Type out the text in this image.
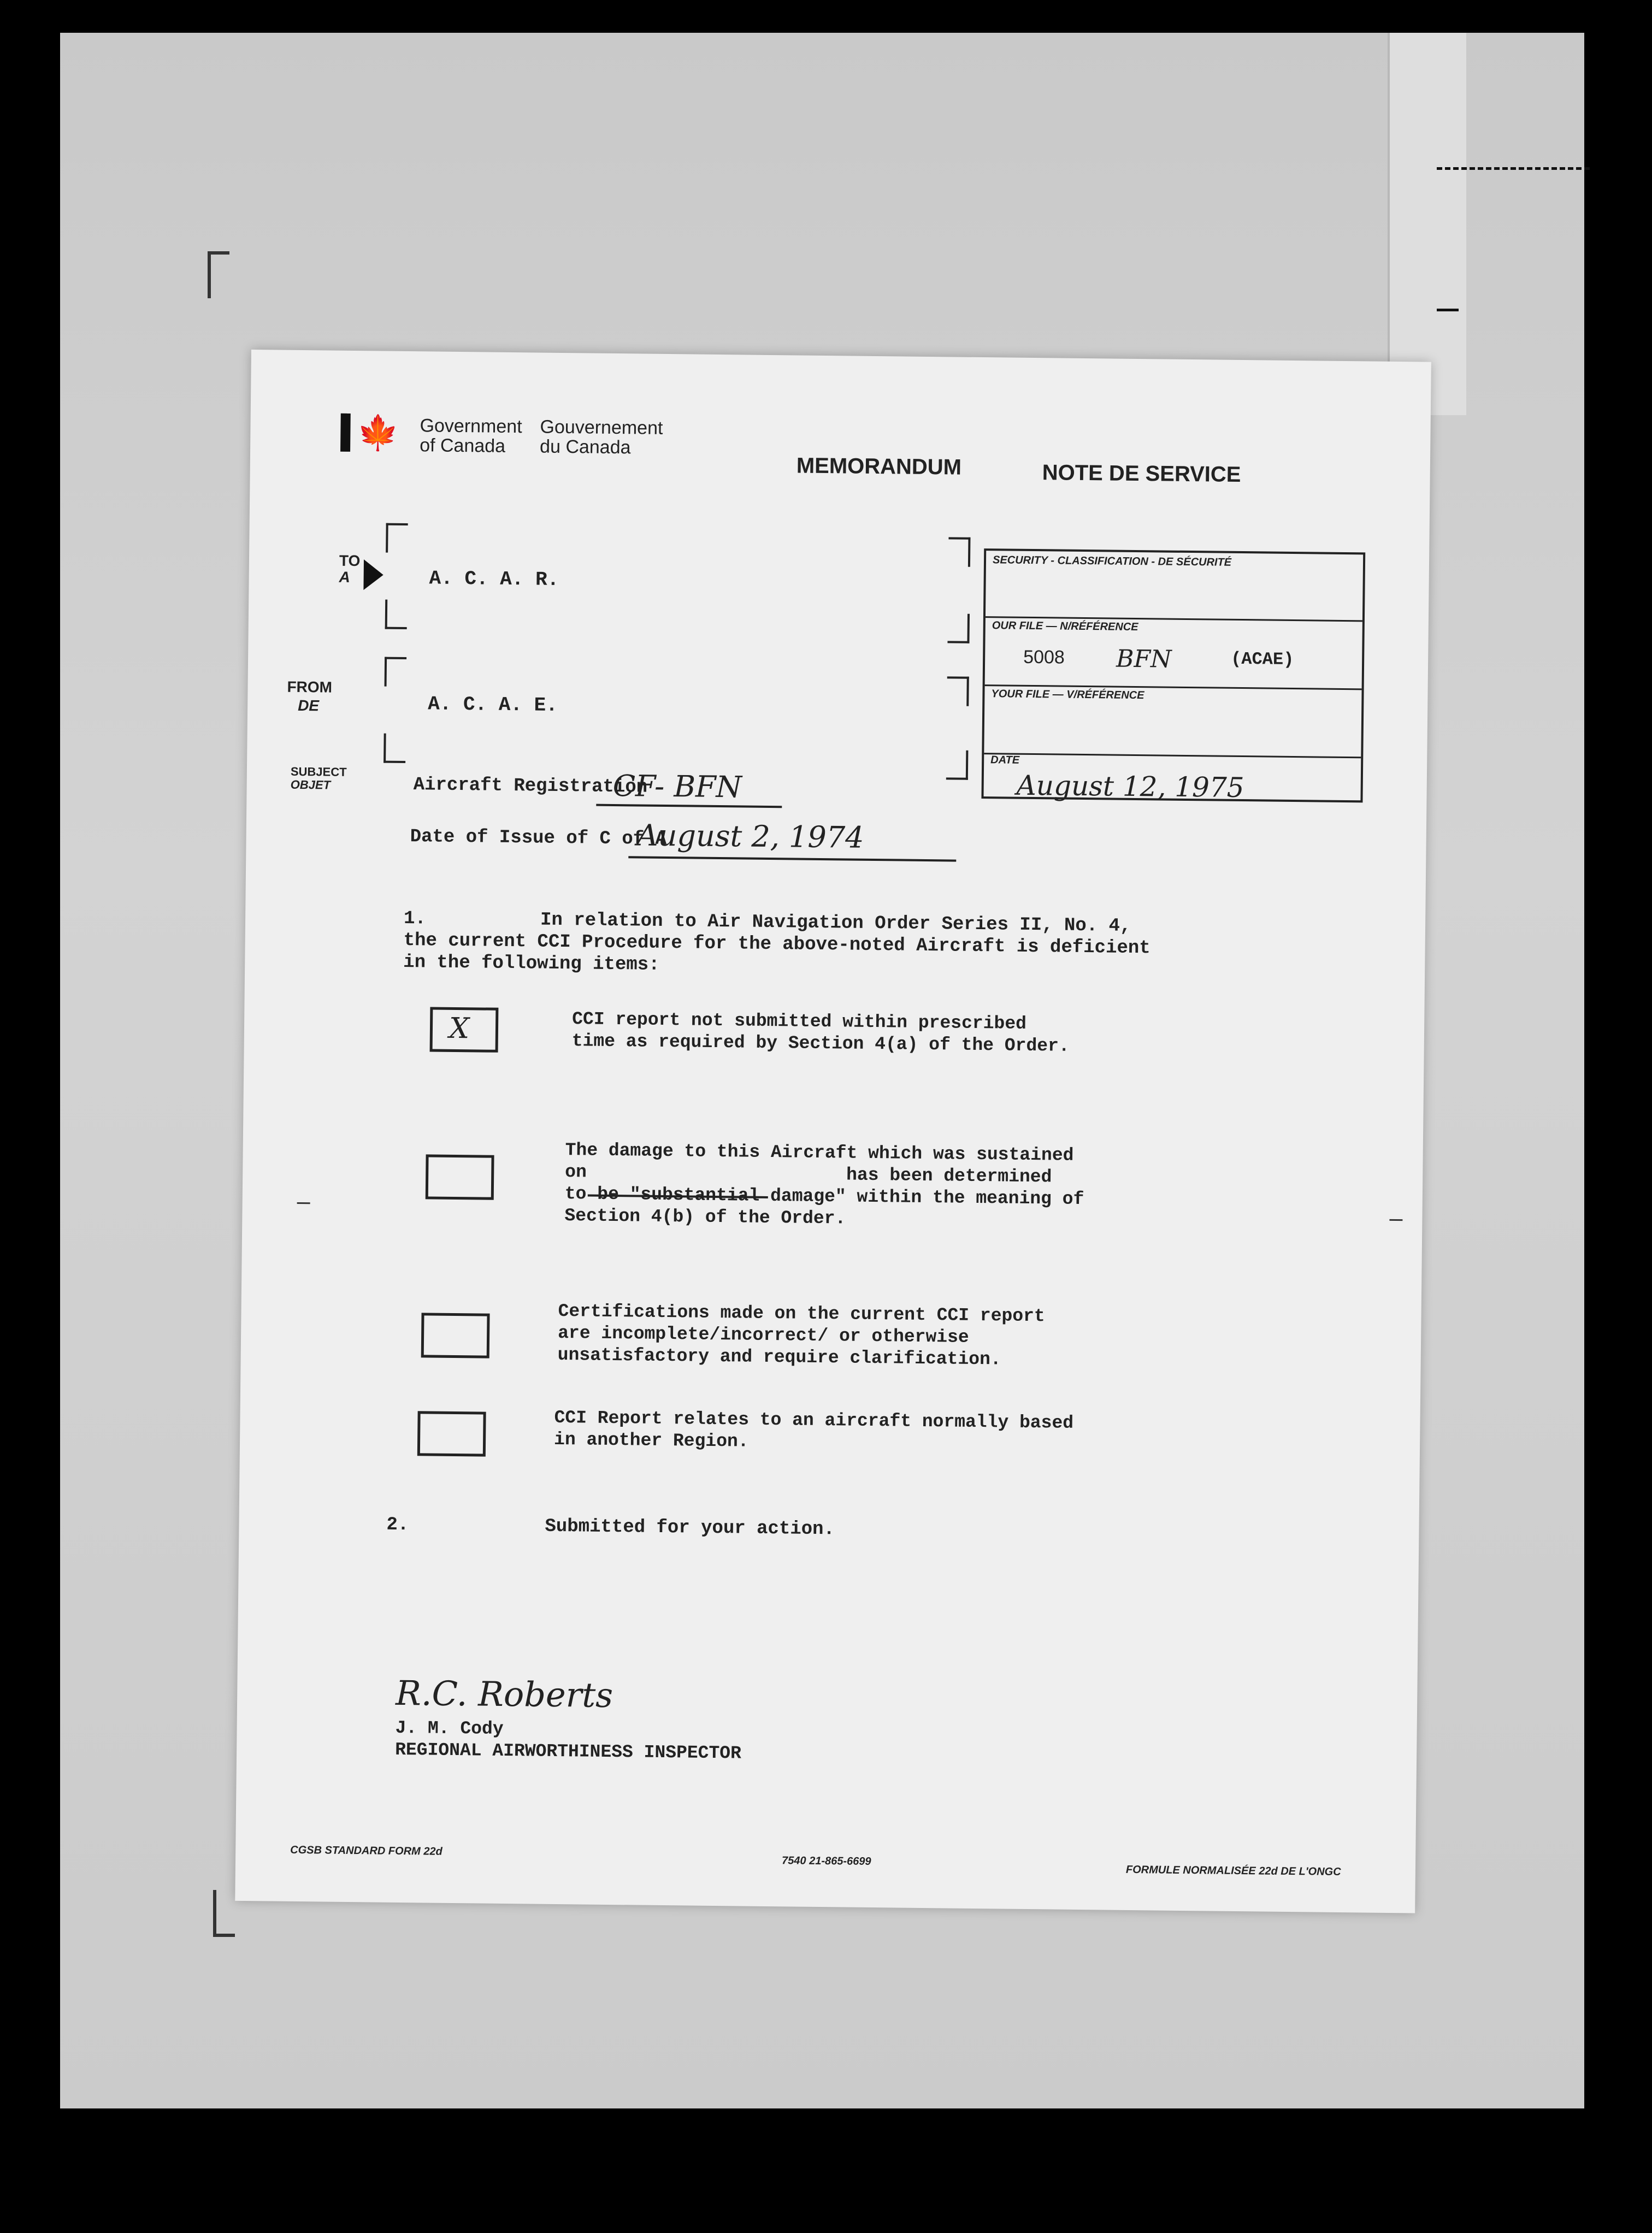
🍁 Government
of Canada
Gouvernement
du Canada
MEMORANDUM	NOTE DE SERVICE
TO
A	A. C. A. R.
FROM
DE	A. C. A. E.
SECURITY - CLASSIFICATION - DE SÉCURITÉ
OUR FILE — N/RÉFÉRENCE
5008 BFN	(ACAE)
YOUR FILE — V/RÉFÉRENCE
DATE
August 12, 1975
SUBJECT
OBJET	Aircraft Registration
CF- BFN
Date of Issue of C of A
August 2, 1974
1.	In relation to Air Navigation Order Series II, No. 4,
the current CCI Procedure for the above-noted Aircraft is deficient
in the following items:
X	CCI report not submitted within prescribed
time as required by Section 4(a) of the Order.
The damage to this Aircraft which was sustained
on                        has been determined
to be "substantial damage" within the meaning of
Section 4(b) of the Order.
Certifications made on the current CCI report
are incomplete/incorrect/ or otherwise
unsatisfactory and require clarification.
CCI Report relates to an aircraft normally based
in another Region.
2.	Submitted for your action.
R.C. Roberts
J. M. Cody
REGIONAL AIRWORTHINESS INSPECTOR
CGSB STANDARD FORM 22d
7540 21-865-6699
FORMULE NORMALISÉE 22d DE L'ONGC
